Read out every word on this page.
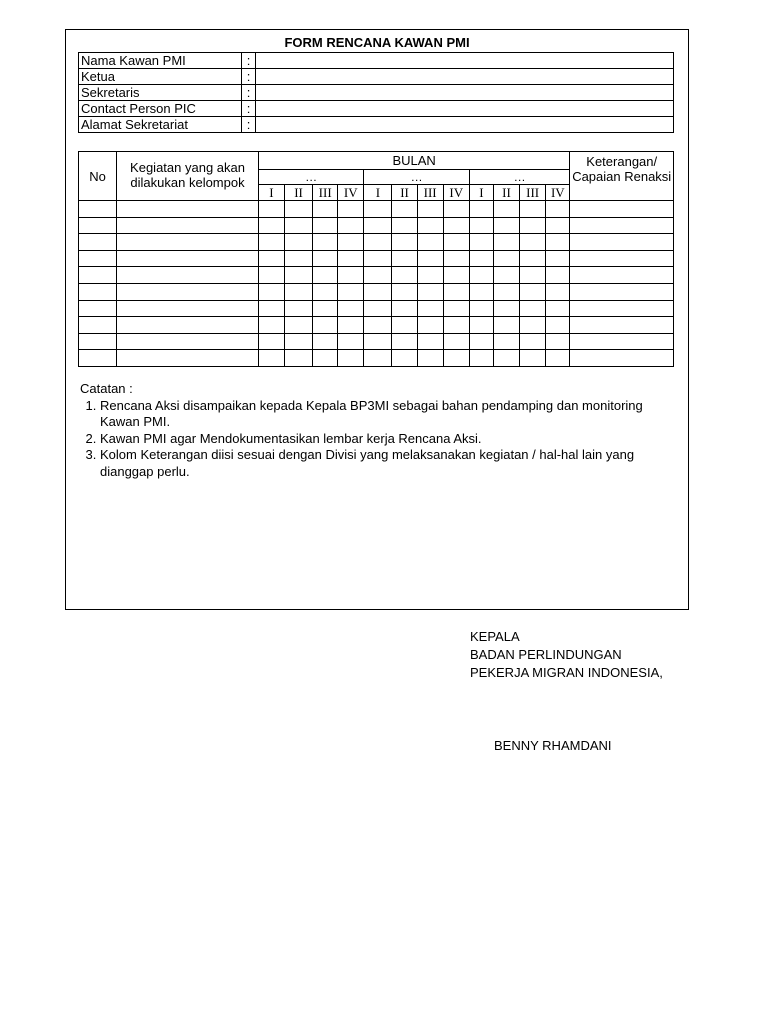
FORM RENCANA KAWAN PMI
Nama Kawan PMI	:	
Ketua	:	
Sekretaris	:	
Contact Person PIC	:	
Alamat Sekretariat	:	
No	Kegiatan yang akan dilakukan kelompok	BULAN												Keterangan/ Capaian Renaksi
		…				…				…				
		I	II	III	IV	I	II	III	IV	I	II	III	IV	

Catatan :
1. Rencana Aksi disampaikan kepada Kepala BP3MI sebagai bahan pendamping dan monitoring Kawan PMI.
2. Kawan PMI agar Mendokumentasikan lembar kerja Rencana Aksi.
3. Kolom Keterangan diisi sesuai dengan Divisi yang melaksanakan kegiatan / hal-hal lain yang dianggap perlu.
KEPALA
BADAN PERLINDUNGAN
PEKERJA MIGRAN INDONESIA,
BENNY RHAMDANI
